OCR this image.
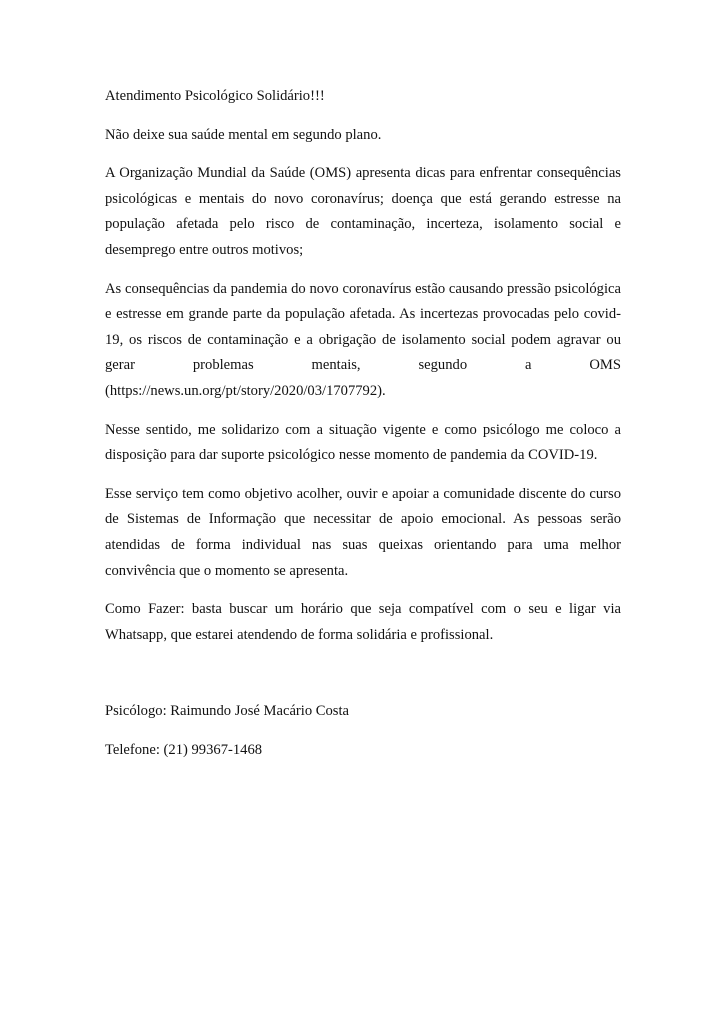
Atendimento Psicológico Solidário!!!

Não deixe sua saúde mental em segundo plano.

A Organização Mundial da Saúde (OMS) apresenta dicas para enfrentar consequências psicológicas e mentais do novo coronavírus; doença que está gerando estresse na população afetada pelo risco de contaminação, incerteza, isolamento social e desemprego entre outros motivos;

As consequências da pandemia do novo coronavírus estão causando pressão psicológica e estresse em grande parte da população afetada. As incertezas provocadas pelo covid-19, os riscos de contaminação e a obrigação de isolamento social podem agravar ou gerar problemas mentais, segundo a OMS (https://news.un.org/pt/story/2020/03/1707792).

Nesse sentido, me solidarizo com a situação vigente e como psicólogo me coloco a disposição para dar suporte psicológico nesse momento de pandemia da COVID-19.

Esse serviço tem como objetivo acolher, ouvir e apoiar a comunidade discente do curso de Sistemas de Informação que necessitar de apoio emocional. As pessoas serão atendidas de forma individual nas suas queixas orientando para uma melhor convivência que o momento se apresenta.

Como Fazer: basta buscar um horário que seja compatível com o seu e ligar via Whatsapp, que estarei atendendo de forma solidária e profissional.

Psicólogo: Raimundo José Macário Costa

Telefone: (21) 99367-1468
